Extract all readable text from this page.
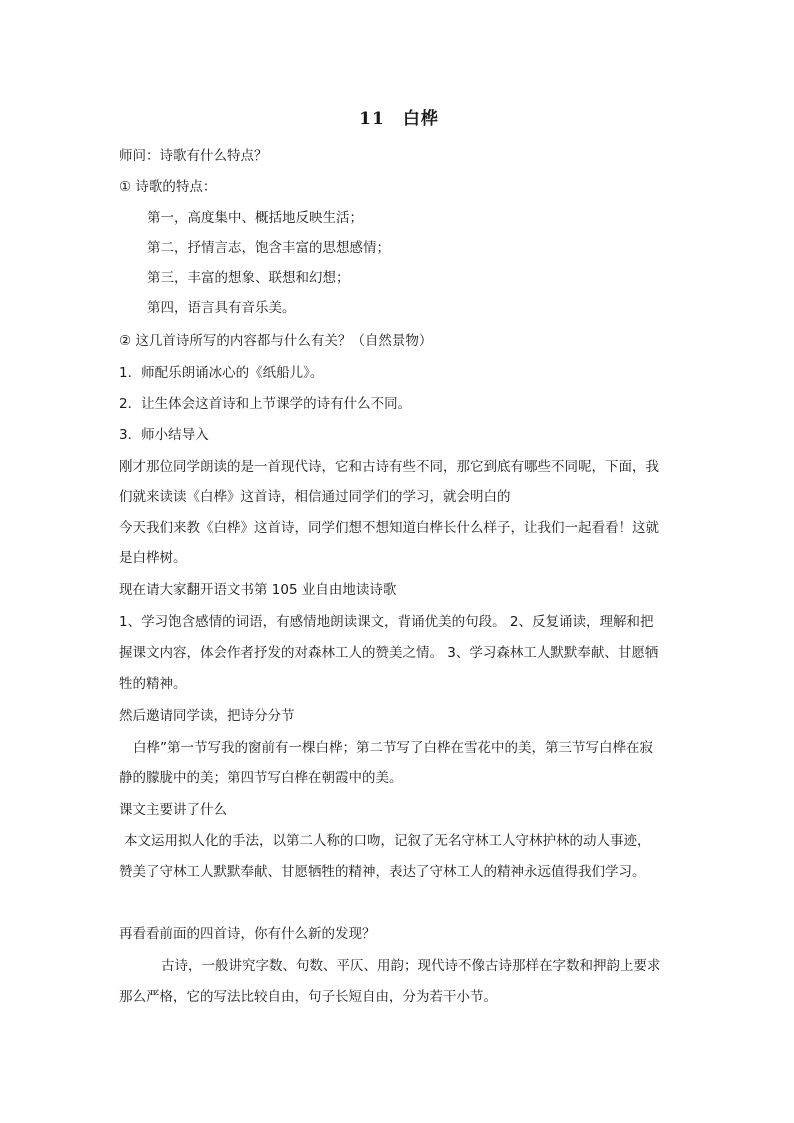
11　白桦
师问：诗歌有什么特点？
① 诗歌的特点：
第一，高度集中、概括地反映生活；
第二，抒情言志，饱含丰富的思想感情；
第三，丰富的想象、联想和幻想；
第四，语言具有音乐美。
② 这几首诗所写的内容都与什么有关？（自然景物）
1．师配乐朗诵冰心的《纸船儿》。
2．让生体会这首诗和上节课学的诗有什么不同。
3．师小结导入
刚才那位同学朗读的是一首现代诗，它和古诗有些不同，那它到底有哪些不同呢，下面，我
们就来读读《白桦》这首诗，相信通过同学们的学习，就会明白的
今天我们来教《白桦》这首诗，同学们想不想知道白桦长什么样子，让我们一起看看！这就
是白桦树。
现在请大家翻开语文书第 105 业自由地读诗歌
1、学习饱含感情的词语，有感情地朗读课文，背诵优美的句段。 2、反复诵读，理解和把
握课文内容，体会作者抒发的对森林工人的赞美之情。 3、学习森林工人默默奉献、甘愿牺
牲的精神。
然后邀请同学读，把诗分分节
白桦”第一节写我的窗前有一棵白桦；第二节写了白桦在雪花中的美，第三节写白桦在寂
静的朦胧中的美；第四节写白桦在朝霞中的美。
课文主要讲了什么
本文运用拟人化的手法，以第二人称的口吻，记叙了无名守林工人守林护林的动人事迹，
赞美了守林工人默默奉献、甘愿牺牲的精神，表达了守林工人的精神永远值得我们学习。
再看看前面的四首诗，你有什么新的发现？
古诗，一般讲究字数、句数、平仄、用韵；现代诗不像古诗那样在字数和押韵上要求
那么严格，它的写法比较自由，句子长短自由，分为若干小节。
